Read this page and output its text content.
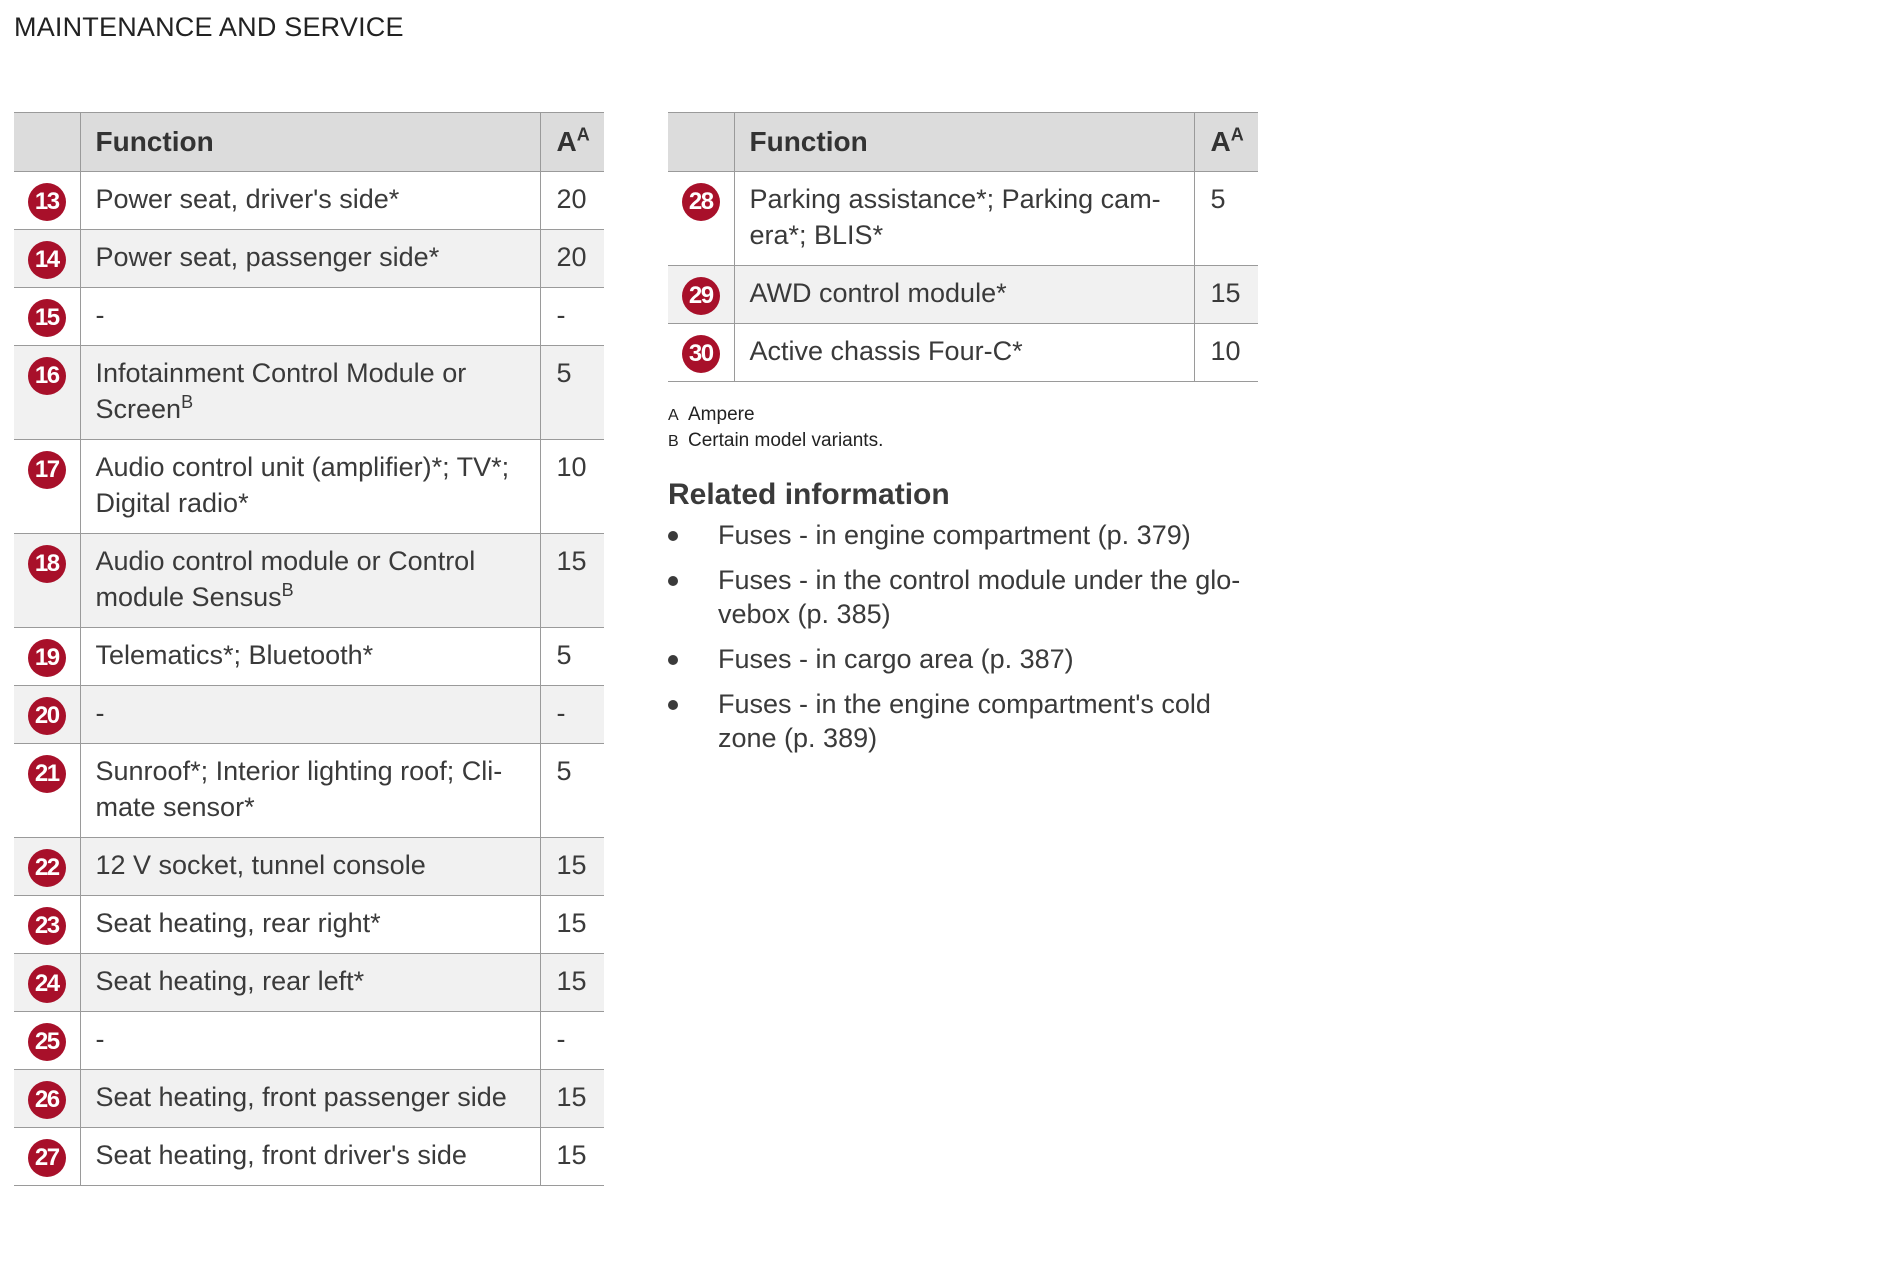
MAINTENANCE AND SERVICE
	Function	$A^A$
13	Power seat, driver's side*	20
14	Power seat, passenger side*	20
15	-	-
16	Infotainment Control Module or Screen$^B$	5
17	Audio control unit (amplifier)*; TV*; Digital radio*	10
18	Audio control module or Control module Sensus$^B$	15
19	Telematics*; Bluetooth*	5
20	-	-
21	Sunroof*; Interior lighting roof; Cli-mate sensor*	5
22	12 V socket, tunnel console	15
23	Seat heating, rear right*	15
24	Seat heating, rear left*	15
25	-	-
26	Seat heating, front passenger side	15
27	Seat heating, front driver's side	15
	Function	$A^A$
28	Parking assistance*; Parking cam-era*; BLIS*	5
29	AWD control module*	15
30	Active chassis Four-C*	10
A Ampere
B Certain model variants.
Related information
Fuses - in engine compartment (p. 379)
Fuses - in the control module under the glo-vebox (p. 385)
Fuses - in cargo area (p. 387)
Fuses - in the engine compartment's cold zone (p. 389)
